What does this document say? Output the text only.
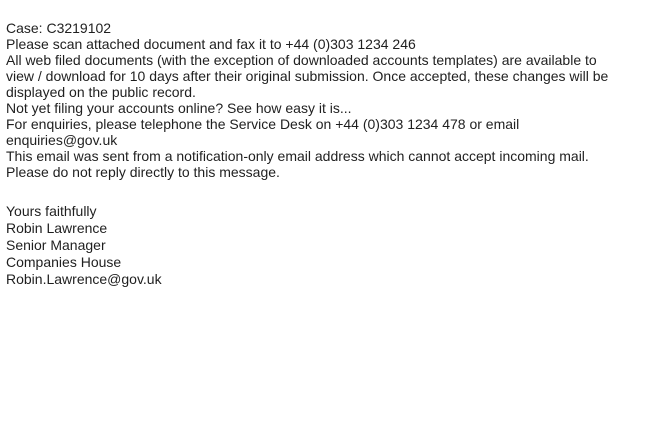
Case: C3219102

Please scan attached document and fax it to +44 (0)303 1234 246

All web filed documents (with the exception of downloaded accounts templates) are available to
view / download for 10 days after their original submission. Once accepted, these changes will be
displayed on the public record.

Not yet filing your accounts online? See how easy it is...

For enquiries, please telephone the Service Desk on +44 (0)303 1234 478 or email
enquiries@gov.uk

This email was sent from a notification-only email address which cannot accept incoming mail.
Please do not reply directly to this message.

Yours faithfully
Robin Lawrence
Senior Manager
Companies House
Robin.Lawrence@gov.uk
